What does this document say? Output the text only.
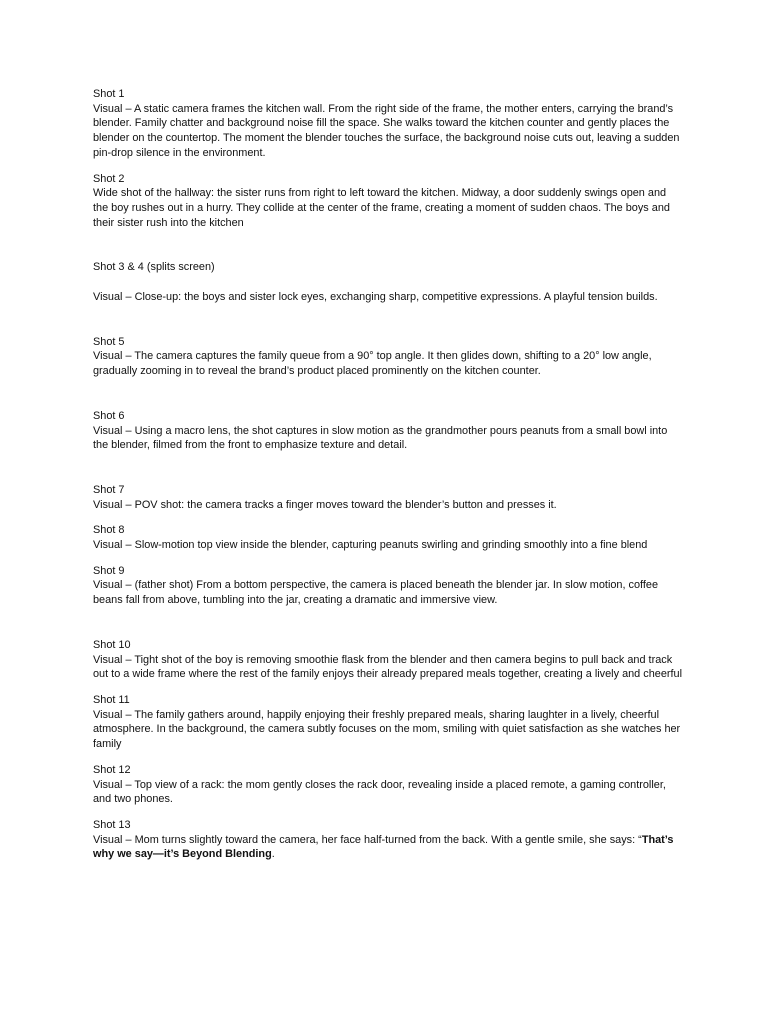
Shot 1

Visual – A static camera frames the kitchen wall. From the right side of the frame, the mother enters, carrying the brand’s blender. Family chatter and background noise fill the space. She walks toward the kitchen counter and gently places the blender on the countertop. The moment the blender touches the surface, the background noise cuts out, leaving a sudden pin-drop silence in the environment.

Shot 2

Wide shot of the hallway: the sister runs from right to left toward the kitchen. Midway, a door suddenly swings open and the boy rushes out in a hurry. They collide at the center of the frame, creating a moment of sudden chaos. The boys and their sister rush into the kitchen

Shot 3 & 4 (splits screen)

Visual – Close-up: the boys and sister lock eyes, exchanging sharp, competitive expressions. A playful tension builds.

Shot 5

Visual – The camera captures the family queue from a 90° top angle. It then glides down, shifting to a 20° low angle, gradually zooming in to reveal the brand’s product placed prominently on the kitchen counter.

Shot 6

Visual – Using a macro lens, the shot captures in slow motion as the grandmother pours peanuts from a small bowl into the blender, filmed from the front to emphasize texture and detail.

Shot 7

Visual – POV shot: the camera tracks a finger moves toward the blender’s button and presses it.

Shot 8

Visual – Slow-motion top view inside the blender, capturing peanuts swirling and grinding smoothly into a fine blend

Shot 9

Visual – (father shot) From a bottom perspective, the camera is placed beneath the blender jar. In slow motion, coffee beans fall from above, tumbling into the jar, creating a dramatic and immersive view.

Shot 10

Visual – Tight shot of the boy is removing smoothie flask from the blender and then camera begins to pull back and track out to a wide frame where the rest of the family enjoys their already prepared meals together, creating a lively and cheerful

Shot 11

Visual – The family gathers around, happily enjoying their freshly prepared meals, sharing laughter in a lively, cheerful atmosphere. In the background, the camera subtly focuses on the mom, smiling with quiet satisfaction as she watches her family

Shot 12

Visual – Top view of a rack: the mom gently closes the rack door, revealing inside a placed remote, a gaming controller, and two phones.

Shot 13

Visual – Mom turns slightly toward the camera, her face half-turned from the back. With a gentle smile, she says: “That’s why we say—it’s Beyond Blending.
